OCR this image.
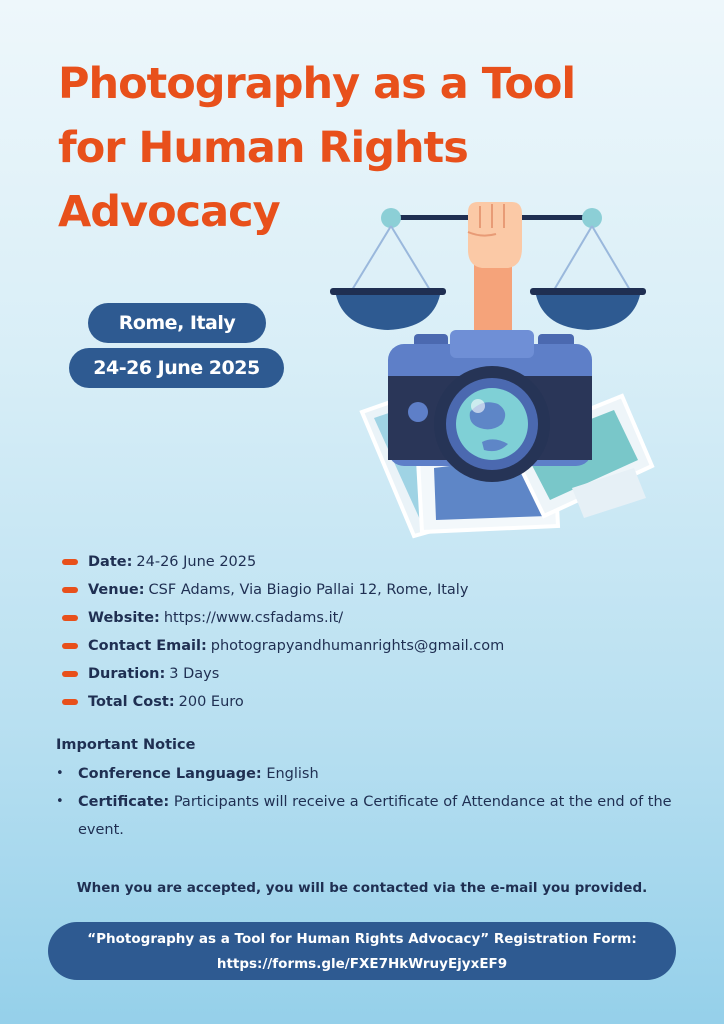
Photography as a Tool
for Human Rights
Advocacy
Rome, Italy
24-26 June 2025
Date: 24-26 June 2025
Venue: CSF Adams, Via Biagio Pallai 12, Rome, Italy
Website: https://www.csfadams.it/
Contact Email: photograpyandhumanrights@gmail.com
Duration: 3 Days
Total Cost: 200 Euro
Important Notice
• Conference Language: English
• Certificate: Participants will receive a Certificate of Attendance at the end of the event.
When you are accepted, you will be contacted via the e-mail you provided.
“Photography as a Tool for Human Rights Advocacy” Registration Form:
https://forms.gle/FXE7HkWruyEjyxEF9
